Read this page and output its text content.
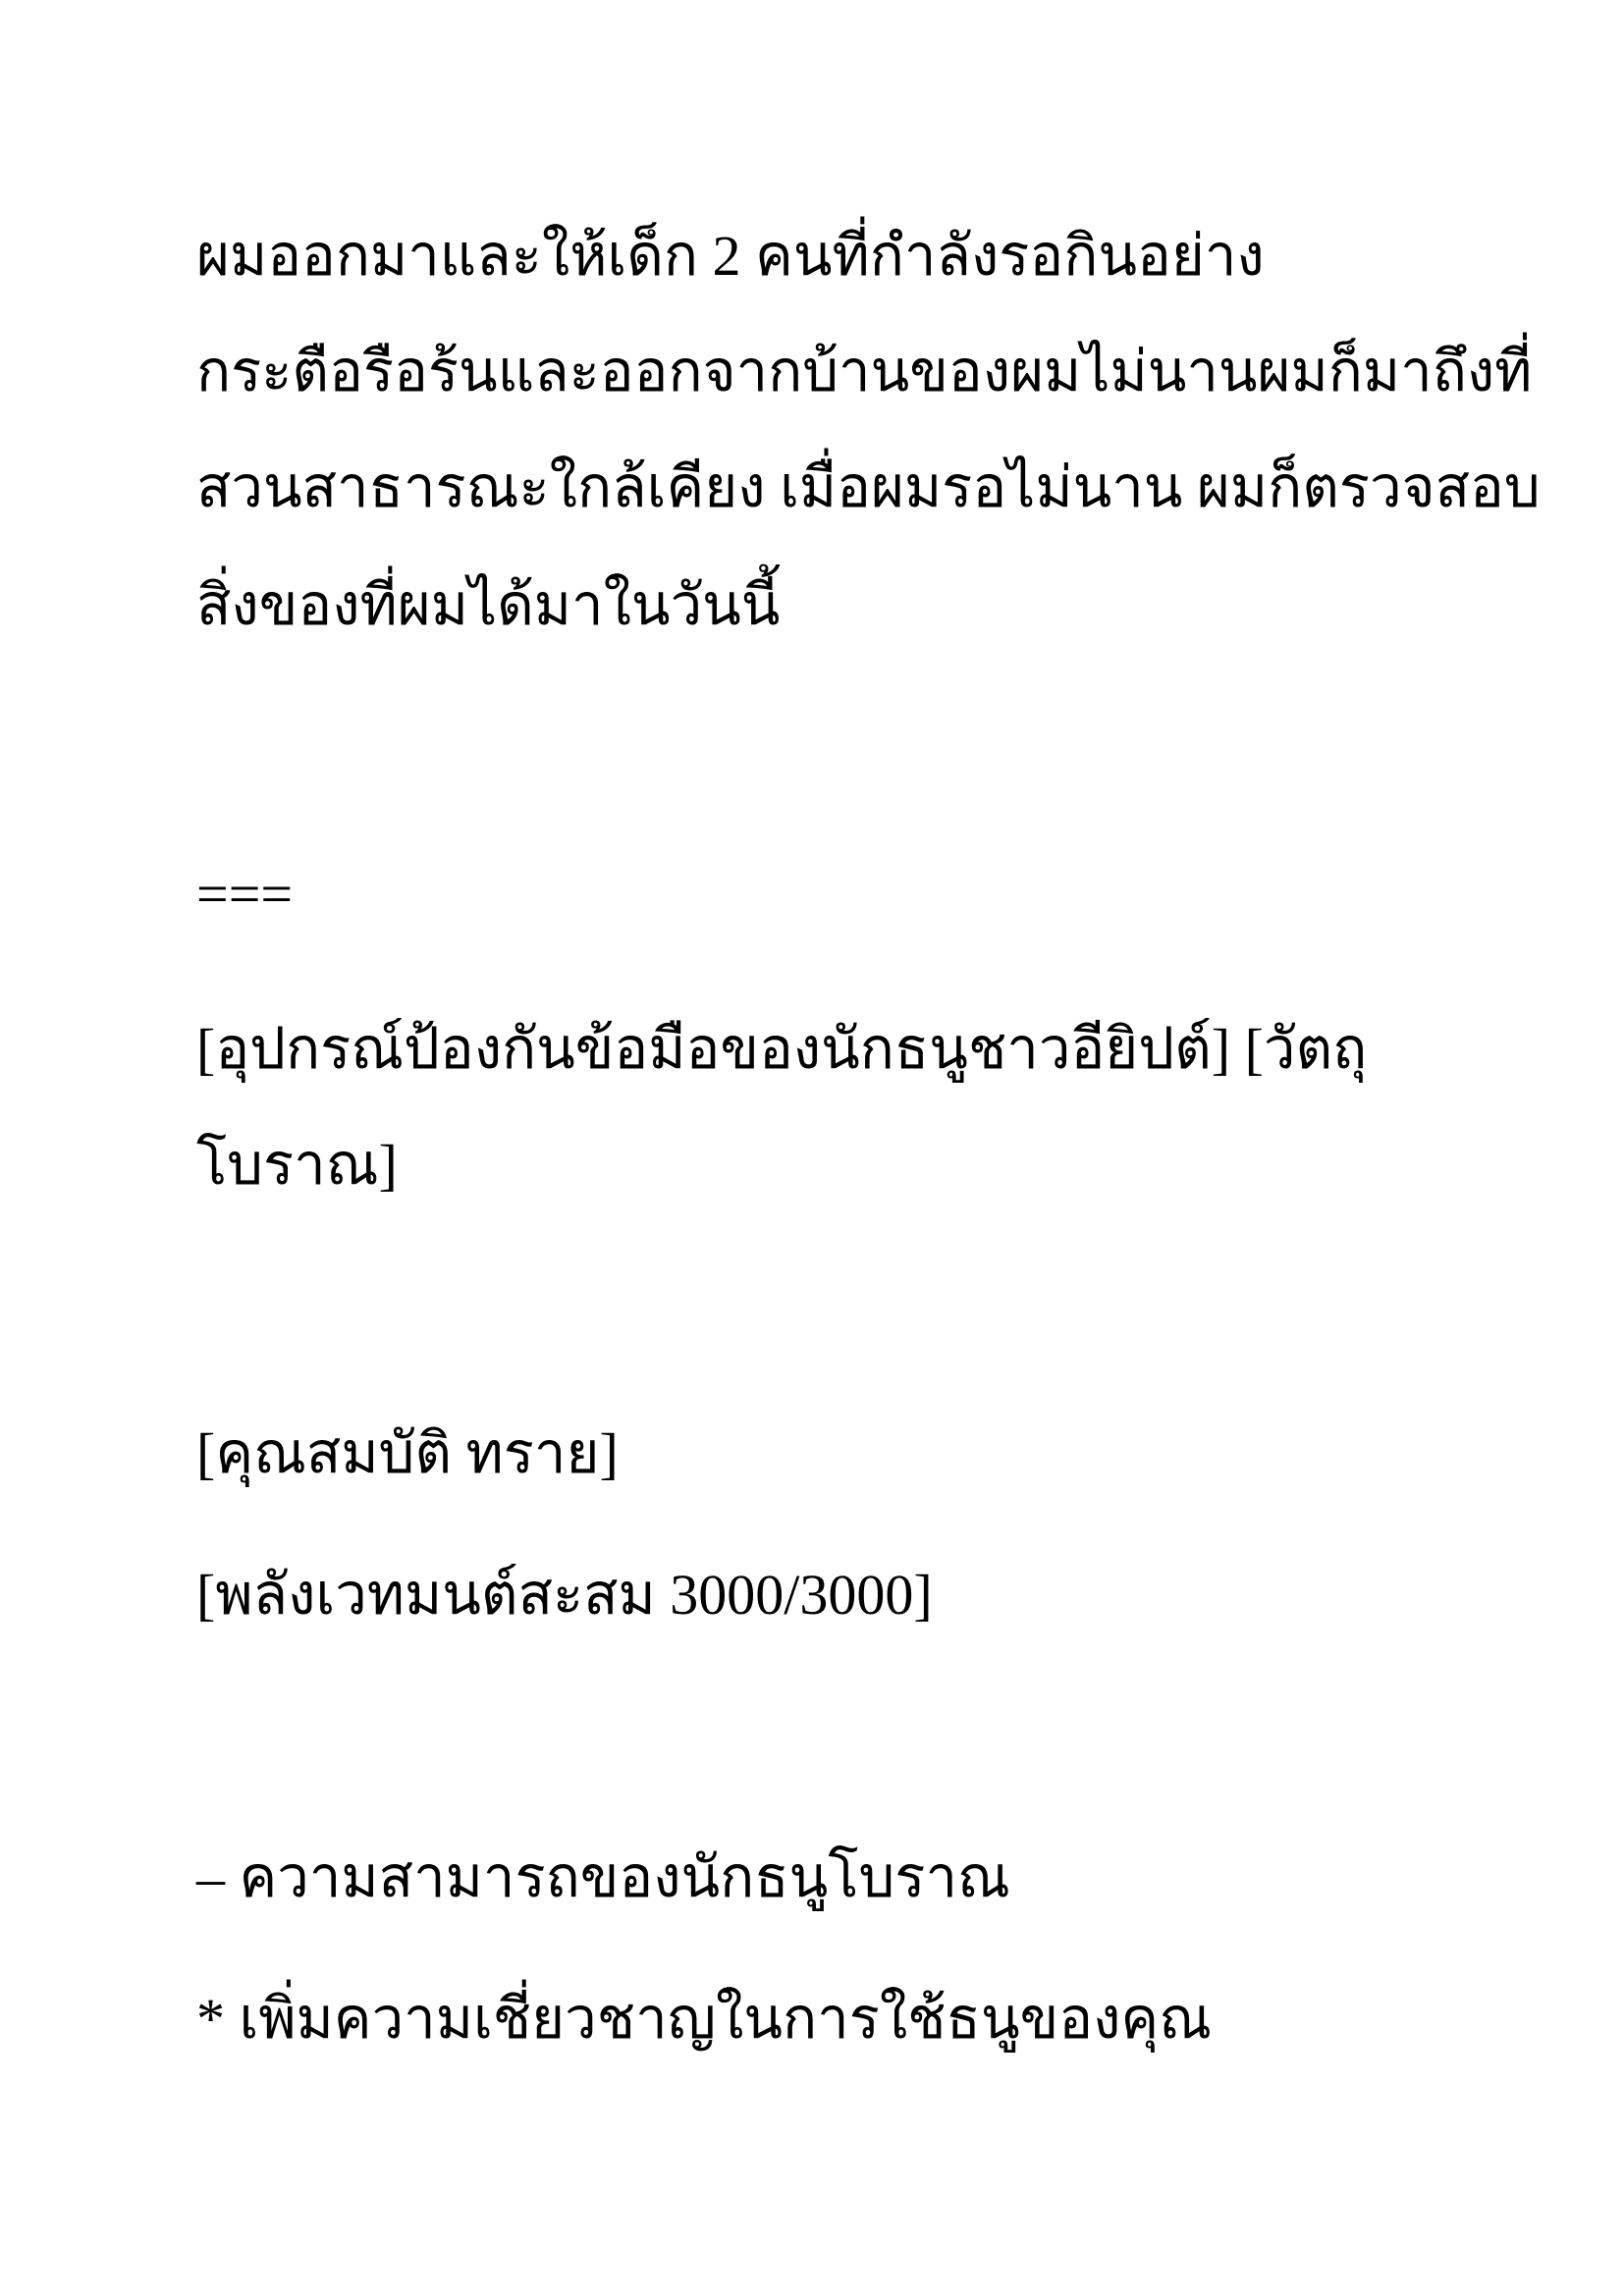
ผมออกมาและให้เด็ก 2 คนที่กำลังรอกินอย่าง
กระตือรือร้นและออกจากบ้านของผมไม่นานผมก็มาถึงที่
สวนสาธารณะใกล้เคียง เมื่อผมรอไม่นาน ผมก็ตรวจสอบ
สิ่งของที่ผมได้มาในวันนี้
===
[อุปกรณ์ป้องกันข้อมือของนักธนูชาวอียิปต์] [วัตถุ
โบราณ]
[คุณสมบัติ ทราย]
[พลังเวทมนต์สะสม 3000/3000]
– ความสามารถของนักธนูโบราณ
* เพิ่มความเชี่ยวชาญในการใช้ธนูของคุณ
